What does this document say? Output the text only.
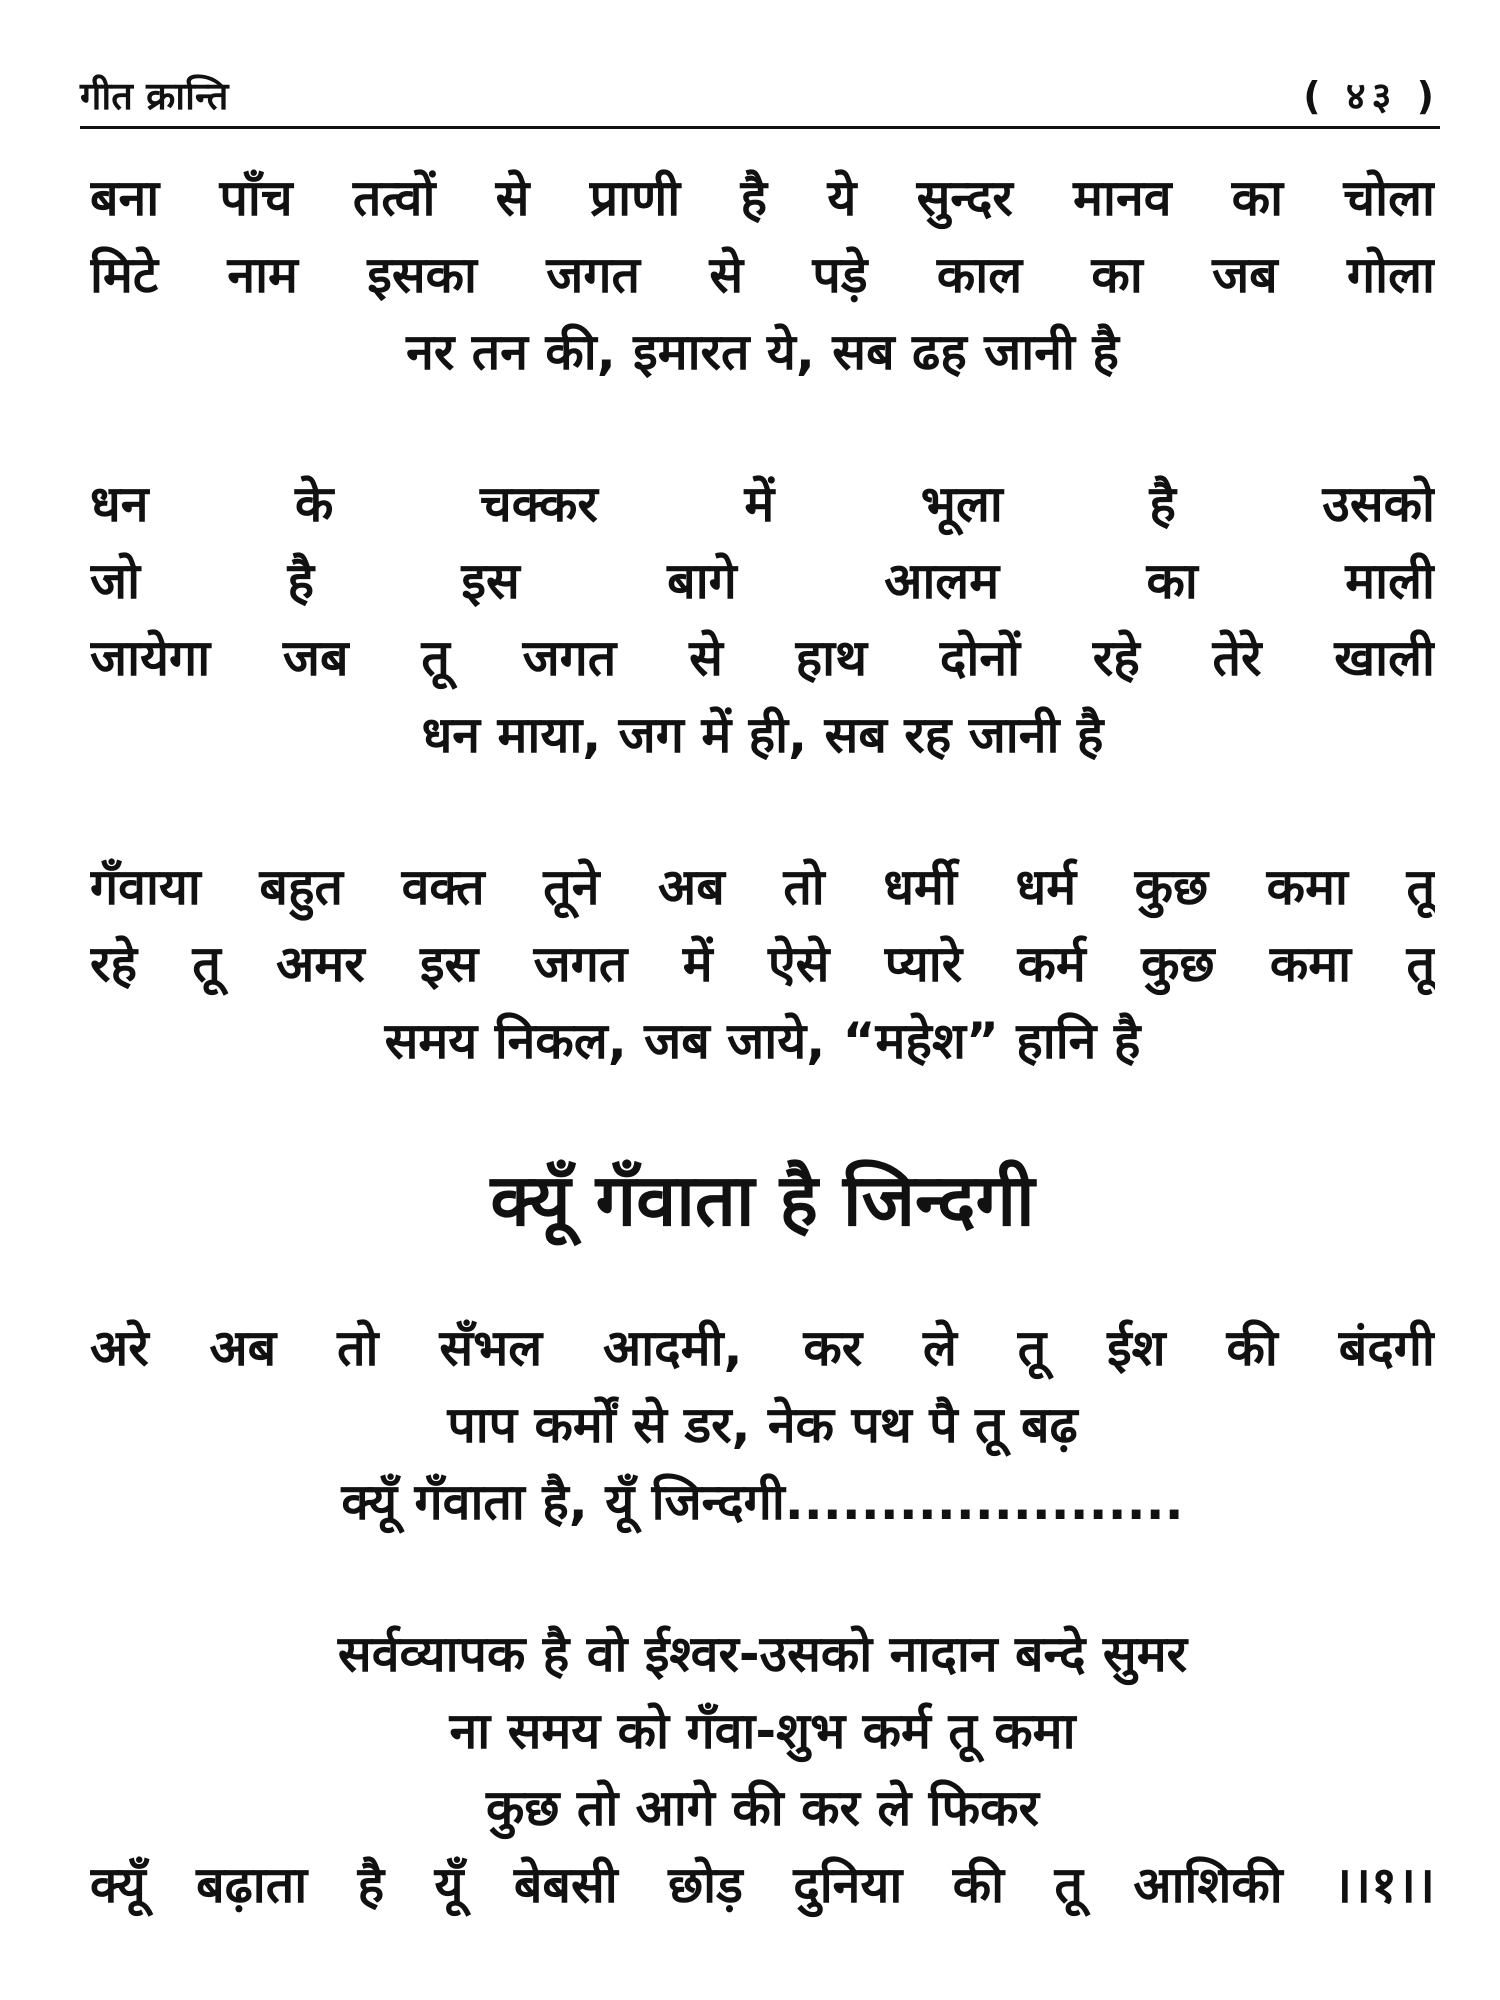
गीत क्रान्ति	( ४३ )
बना पाँच तत्वों से प्राणी है ये सुन्दर मानव का चोला
मिटे नाम इसका जगत से पड़े काल का जब गोला
नर तन की, इमारत ये, सब ढह जानी है
धन	के	चक्कर	में	भूला	है	उसको
जो	है	इस	बागे	आलम	का	माली
जायेगा जब तू जगत से हाथ दोनों रहे तेरे खाली
धन माया, जग में ही, सब रह जानी है
गँवाया बहुत वक्त तूने अब तो धर्मी धर्म कुछ कमा तू
रहे तू अमर इस जगत में ऐसे प्यारे कर्म कुछ कमा तू
समय निकल, जब जाये, “महेश” हानि है
क्यूँ गँवाता है जिन्दगी
अरे अब तो सँभल आदमी, कर ले तू ईश की बंदगी
पाप कर्मों से डर, नेक पथ पै तू बढ़
क्यूँ गँवाता है, यूँ जिन्दगी.....................
सर्वव्यापक है वो ईश्वर-उसको नादान बन्दे सुमर
ना समय को गँवा-शुभ कर्म तू कमा
कुछ तो आगे की कर ले फिकर
क्यूँ बढ़ाता है यूँ बेबसी छोड़ दुनिया की तू आशिकी ।।१।।
